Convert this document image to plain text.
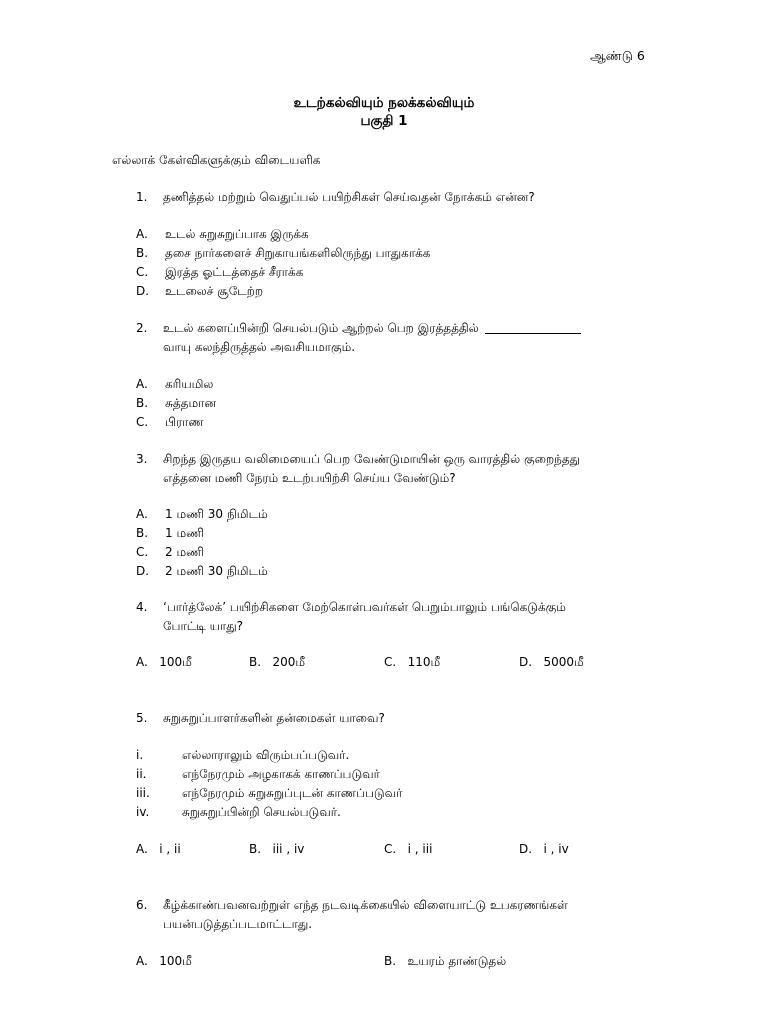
ஆண்டு 6
உடற்கல்வியும் நலக்கல்வியும்
பகுதி 1
எல்லாக் கேள்விகளுக்கும் விடையளிக
1.	தணித்தல் மற்றும் வெதுப்பல் பயிற்சிகள் செய்வதன் நோக்கம் என்ன?
A.	உடல் சுறுசுறுப்பாக இருக்க
B.	தசை நார்களைச் சிறுகாயங்களிலிருந்து பாதுகாக்க
C.	இரத்த ஓட்டத்தைச் சீராக்க
D.	உடலைச் சூடேற்ற
2.	உடல் களைப்பின்றி செயல்படும் ஆற்றல் பெற இரத்தத்தில்
வாயு கலந்திருத்தல் அவசியமாகும்.
A.	கரியமில
B.	சுத்தமான
C.	பிராண
3.	சிறந்த இருதய வலிமையைப் பெற வேண்டுமாயின் ஒரு வாரத்தில் குறைந்தது
எத்தனை மணி நேரம் உடற்பயிற்சி செய்ய வேண்டும்?
A.	1 மணி 30 நிமிடம்
B.	1 மணி
C.	2 மணி
D.	2 மணி 30 நிமிடம்
4.	‘பார்த்லேக்’ பயிற்சிகளை மேற்கொள்பவர்கள் பெறும்பாலும் பங்கெடுக்கும்
போட்டி யாது?
A. 100மீ	B. 200மீ	C. 110மீ	D. 5000மீ
5.	சுறுசுறுப்பாளர்களின் தன்மைகள் யாவை?
i.	எல்லாராலும் விரும்பப்படுவர்.
ii.	எந்நேரமும் அழகாகக் காணப்படுவர்
iii.	எந்நேரமும் சுறுசுறுப்புடன் காணப்படுவர்
iv.	சுறுசுறுப்பின்றி செயல்படுவர்.
A. i , ii	B. iii , iv	C. i , iii	D. i , iv
6.	கீழ்க்காண்பவனவற்றுள் எந்த நடவடிக்கையில் விளையாட்டு உபகரணங்கள்
பயன்படுத்தப்படமாட்டாது.
A. 100மீ	B. உயரம் தாண்டுதல்
